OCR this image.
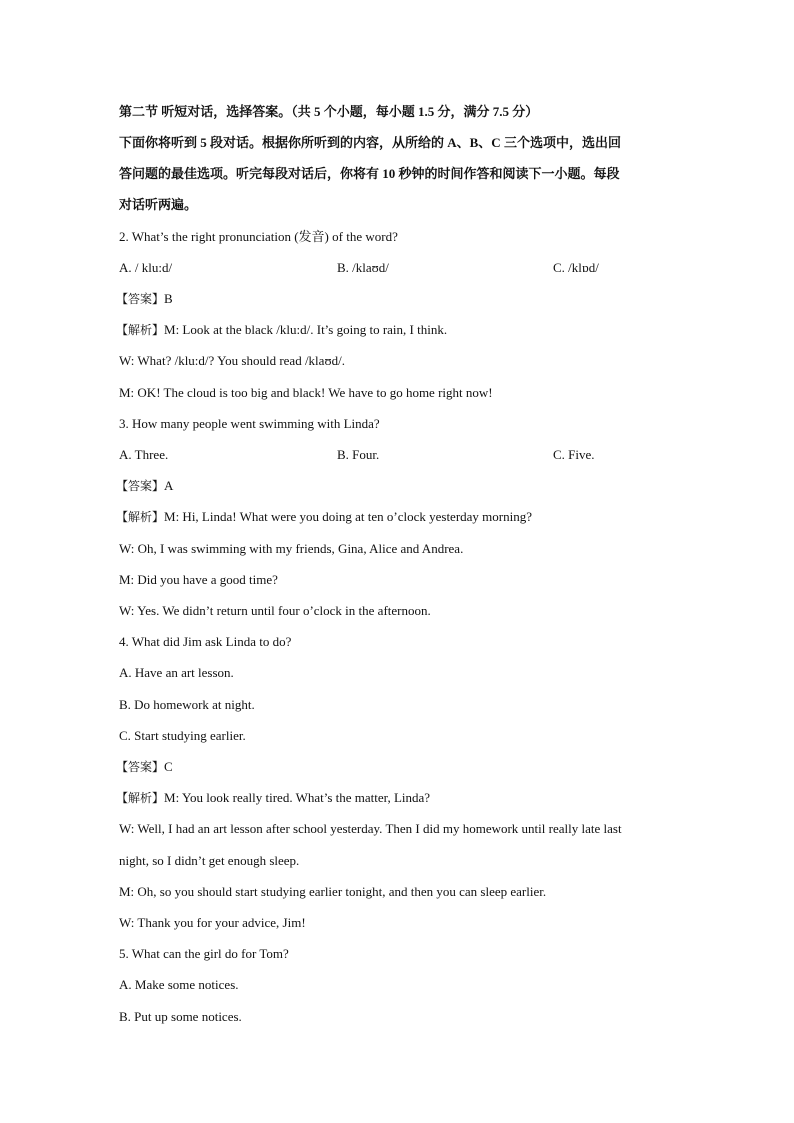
第二节 听短对话，选择答案。（共 5 个小题，每小题 1.5 分，满分 7.5 分）
下面你将听到 5 段对话。根据你所听到的内容，从所给的 A、B、C 三个选项中，选出回
答问题的最佳选项。听完每段对话后，你将有 10 秒钟的时间作答和阅读下一小题。每段
对话听两遍。
2. What’s the right pronunciation (发音) of the word?
A. / klu:d/	B. /klaʊd/	C. /klɒd/
【答案】B
【解析】M: Look at the black /klu:d/. It’s going to rain, I think.
W: What? /klu:d/? You should read /klaʊd/.
M: OK! The cloud is too big and black! We have to go home right now!
3. How many people went swimming with Linda?
A. Three.	B. Four.	C. Five.
【答案】A
【解析】M: Hi, Linda! What were you doing at ten o’clock yesterday morning?
W: Oh, I was swimming with my friends, Gina, Alice and Andrea.
M: Did you have a good time?
W: Yes. We didn’t return until four o’clock in the afternoon.
4. What did Jim ask Linda to do?
A. Have an art lesson.
B. Do homework at night.
C. Start studying earlier.
【答案】C
【解析】M: You look really tired. What’s the matter, Linda?
W: Well, I had an art lesson after school yesterday. Then I did my homework until really late last
night, so I didn’t get enough sleep.
M: Oh, so you should start studying earlier tonight, and then you can sleep earlier.
W: Thank you for your advice, Jim!
5. What can the girl do for Tom?
A. Make some notices.
B. Put up some notices.
